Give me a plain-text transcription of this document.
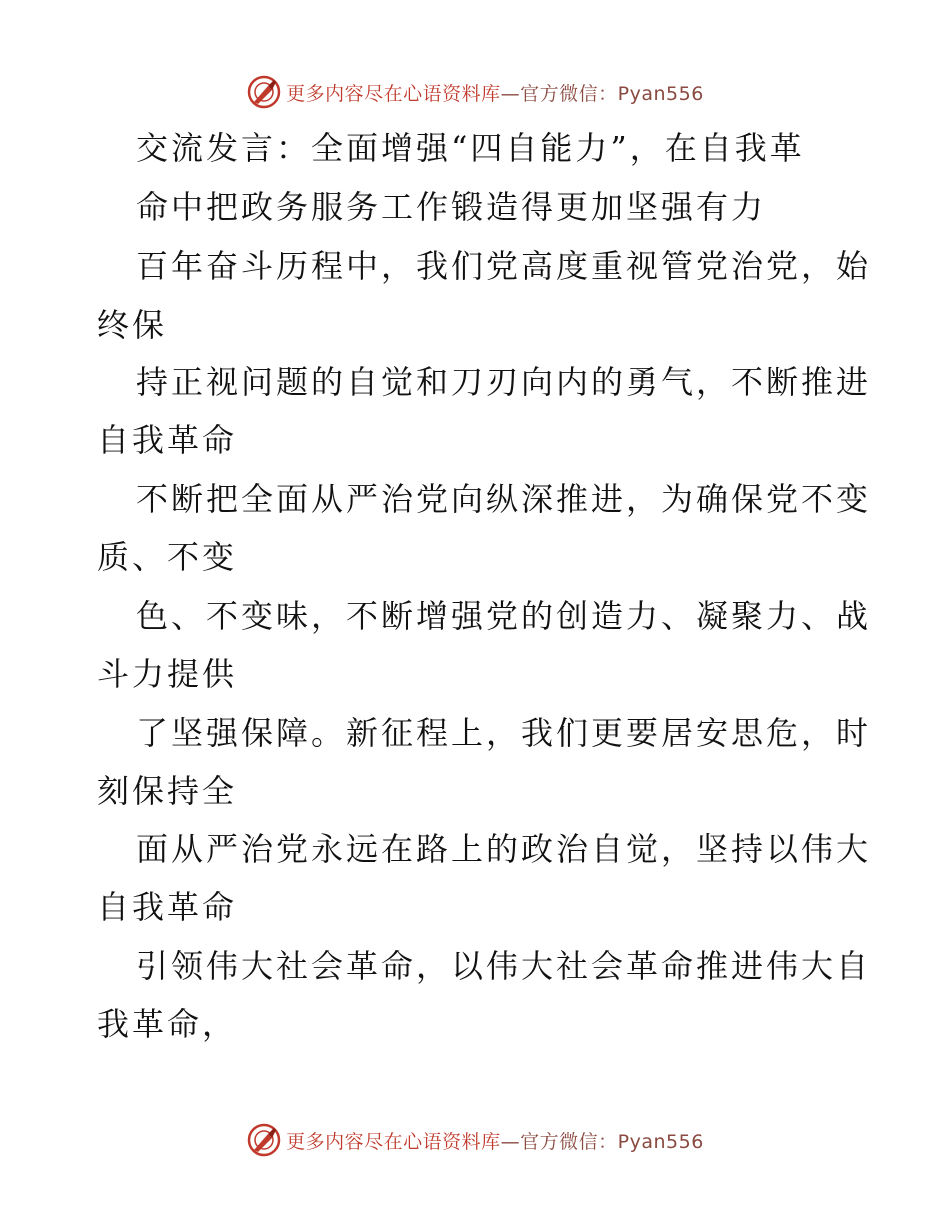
更多内容尽在心语资料库—官方微信：Pyan556
交流发言：全面增强“四自能力”，在自我革
命中把政务服务工作锻造得更加坚强有力
百年奋斗历程中，我们党高度重视管党治党，始
终保
持正视问题的自觉和刀刃向内的勇气，不断推进
自我革命
不断把全面从严治党向纵深推进，为确保党不变
质、不变
色、不变味，不断增强党的创造力、凝聚力、战
斗力提供
了坚强保障。新征程上，我们更要居安思危，时
刻保持全
面从严治党永远在路上的政治自觉，坚持以伟大
自我革命
引领伟大社会革命，以伟大社会革命推进伟大自
我革命，
更多内容尽在心语资料库—官方微信：Pyan556
